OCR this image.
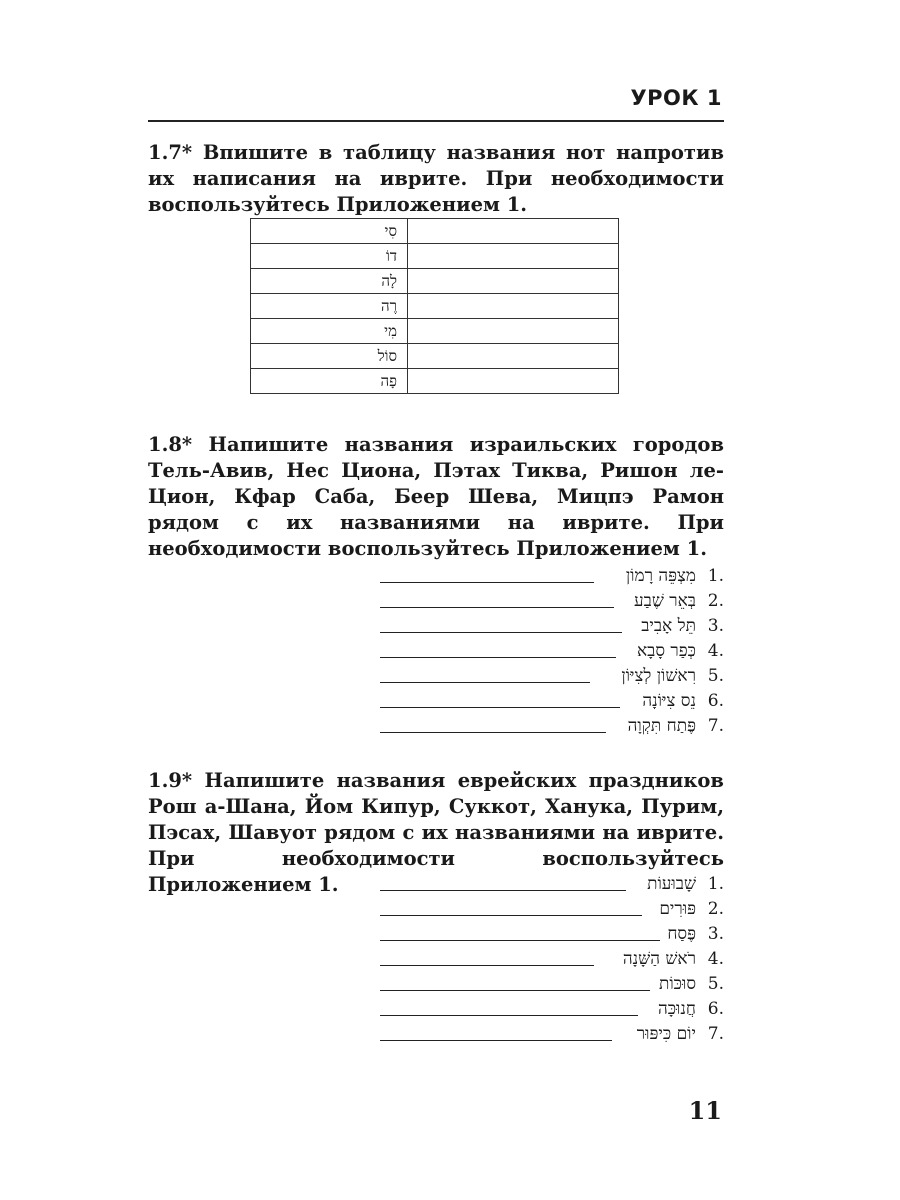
УРОК 1
1.7* Впишите в таблицу названия нот напротив их написания на иврите. При необходимости воспользуйтесь Приложением 1.
סִי	
דוֹ	
לָה	
רֶה	
מִי	
סוֹל	
פָה	
1.8* Напишите названия израильских городов Тель-Авив, Нес Циона, Пэтах Тиква, Ришон ле-Цион, Кфар Саба, Беер Шева, Мицпэ Рамон рядом с их названиями на иврите. При необходимости воспользуйтесь Приложением 1.
מִצְפֵּה רָמוֹן 1.
בְּאֵר שֶׁבַע 2.
תֵּל אָבִיב 3.
כְּפַר סָבָא 4.
רִאשׁוֹן לְצִיּוֹן 5.
נֵס צִיּוֹנָה 6.
פֶּתַח תִּקְוָה 7.
1.9* Напишите названия еврейских праздников Рош а-Шана, Йом Кипур, Суккот, Ханука, Пурим, Пэсах, Шавуот рядом с их названиями на иврите. При необходимости воспользуйтесь Приложением 1.	שָׁבוּעוֹת 1.
פּוּרִים 2.
פֶּסַח 3.
רֹאשׁ הַשָּׁנָה 4.
סוּכּוֹת 5.
חֲנוּכָּה 6.
יוֹם כִּיפּוּר 7.
11
